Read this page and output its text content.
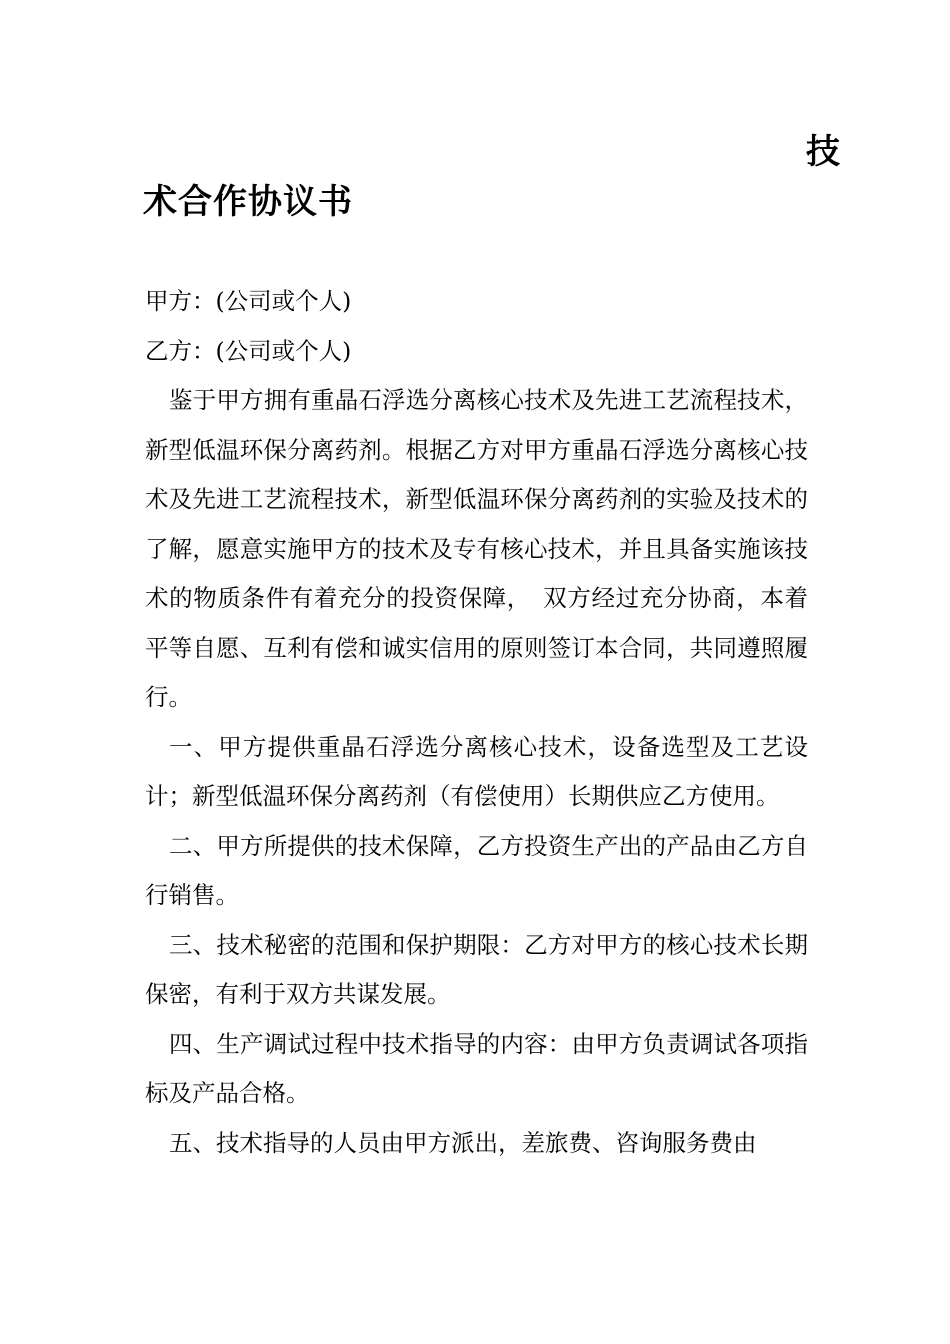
技
术合作协议书

甲方：(公司或个人)

乙方：(公司或个人)

鉴于甲方拥有重晶石浮选分离核心技术及先进工艺流程技术，新型低温环保分离药剂。根据乙方对甲方重晶石浮选分离核心技术及先进工艺流程技术，新型低温环保分离药剂的实验及技术的了解，愿意实施甲方的技术及专有核心技术，并且具备实施该技术的物质条件有着充分的投资保障，　双方经过充分协商，本着平等自愿、互利有偿和诚实信用的原则签订本合同，共同遵照履行。

一、甲方提供重晶石浮选分离核心技术，设备选型及工艺设计；新型低温环保分离药剂（有偿使用）长期供应乙方使用。

二、甲方所提供的技术保障，乙方投资生产出的产品由乙方自行销售。

三、技术秘密的范围和保护期限：乙方对甲方的核心技术长期保密，有利于双方共谋发展。

四、生产调试过程中技术指导的内容：由甲方负责调试各项指标及产品合格。

五、技术指导的人员由甲方派出，差旅费、咨询服务费由
